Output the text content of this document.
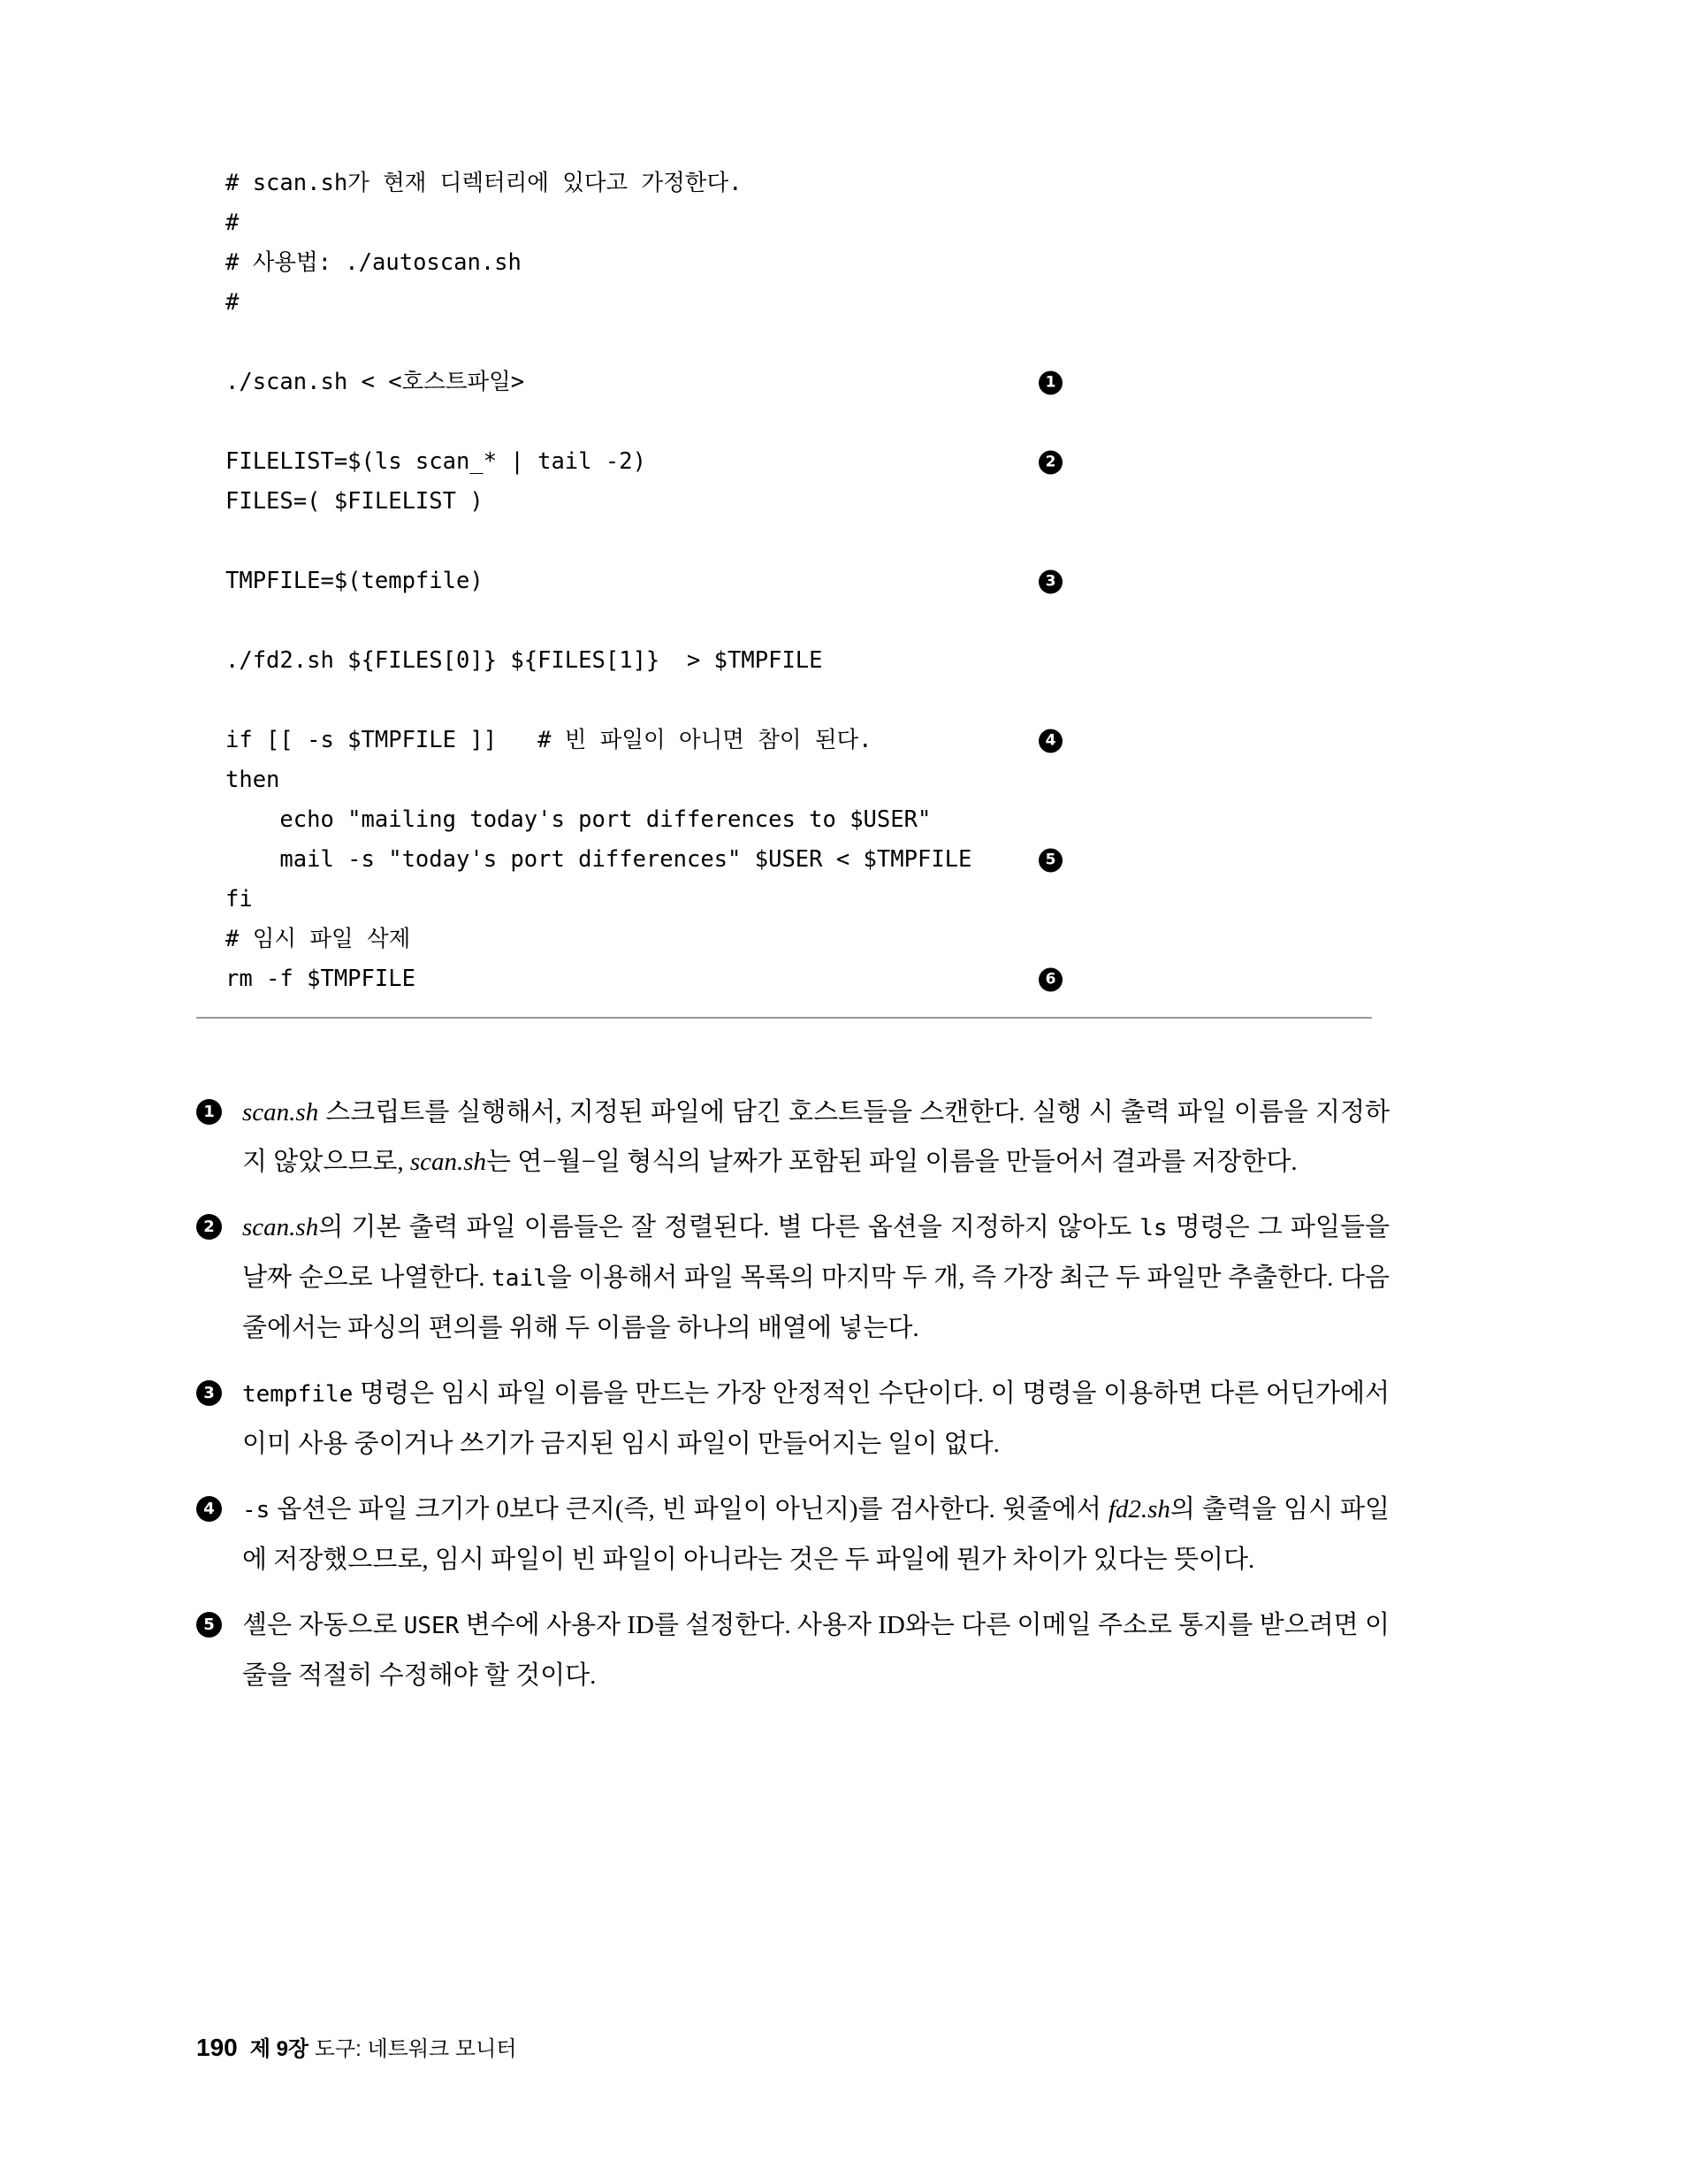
# scan.sh가 현재 디렉터리에 있다고 가정한다.
#
# 사용법: ./autoscan.sh
#
./scan.sh < <호스트파일>	1
FILELIST=$(ls scan_* | tail -2)	2
FILES=( $FILELIST )
TMPFILE=$(tempfile)	3
./fd2.sh ${FILES[0]} ${FILES[1]}  > $TMPFILE
if [[ -s $TMPFILE ]]   # 빈 파일이 아니면 참이 된다.	4
then
echo "mailing today's port differences to $USER"
mail -s "today's port differences" $USER < $TMPFILE	5
fi
# 임시 파일 삭제
rm -f $TMPFILE	6
1 scan.sh 스크립트를 실행해서, 지정된 파일에 담긴 호스트들을 스캔한다. 실행 시 출력 파일 이름을 지정하지 않았으므로, scan.sh는 연−월−일 형식의 날짜가 포함된 파일 이름을 만들어서 결과를 저장한다.
2 scan.sh의 기본 출력 파일 이름들은 잘 정렬된다. 별 다른 옵션을 지정하지 않아도 ls 명령은 그 파일들을 날짜 순으로 나열한다. tail을 이용해서 파일 목록의 마지막 두 개, 즉 가장 최근 두 파일만 추출한다. 다음 줄에서는 파싱의 편의를 위해 두 이름을 하나의 배열에 넣는다.
3	tempfile 명령은 임시 파일 이름을 만드는 가장 안정적인 수단이다. 이 명령을 이용하면 다른 어딘가에서 이미 사용 중이거나 쓰기가 금지된 임시 파일이 만들어지는 일이 없다.
4	-s 옵션은 파일 크기가 0보다 큰지(즉, 빈 파일이 아닌지)를 검사한다. 윗줄에서 fd2.sh의 출력을 임시 파일에 저장했으므로, 임시 파일이 빈 파일이 아니라는 것은 두 파일에 뭔가 차이가 있다는 뜻이다.
5 셸은 자동으로 USER 변수에 사용자 ID를 설정한다. 사용자 ID와는 다른 이메일 주소로 통지를 받으려면 이 줄을 적절히 수정해야 할 것이다.
190 제 9장 도구: 네트워크 모니터
